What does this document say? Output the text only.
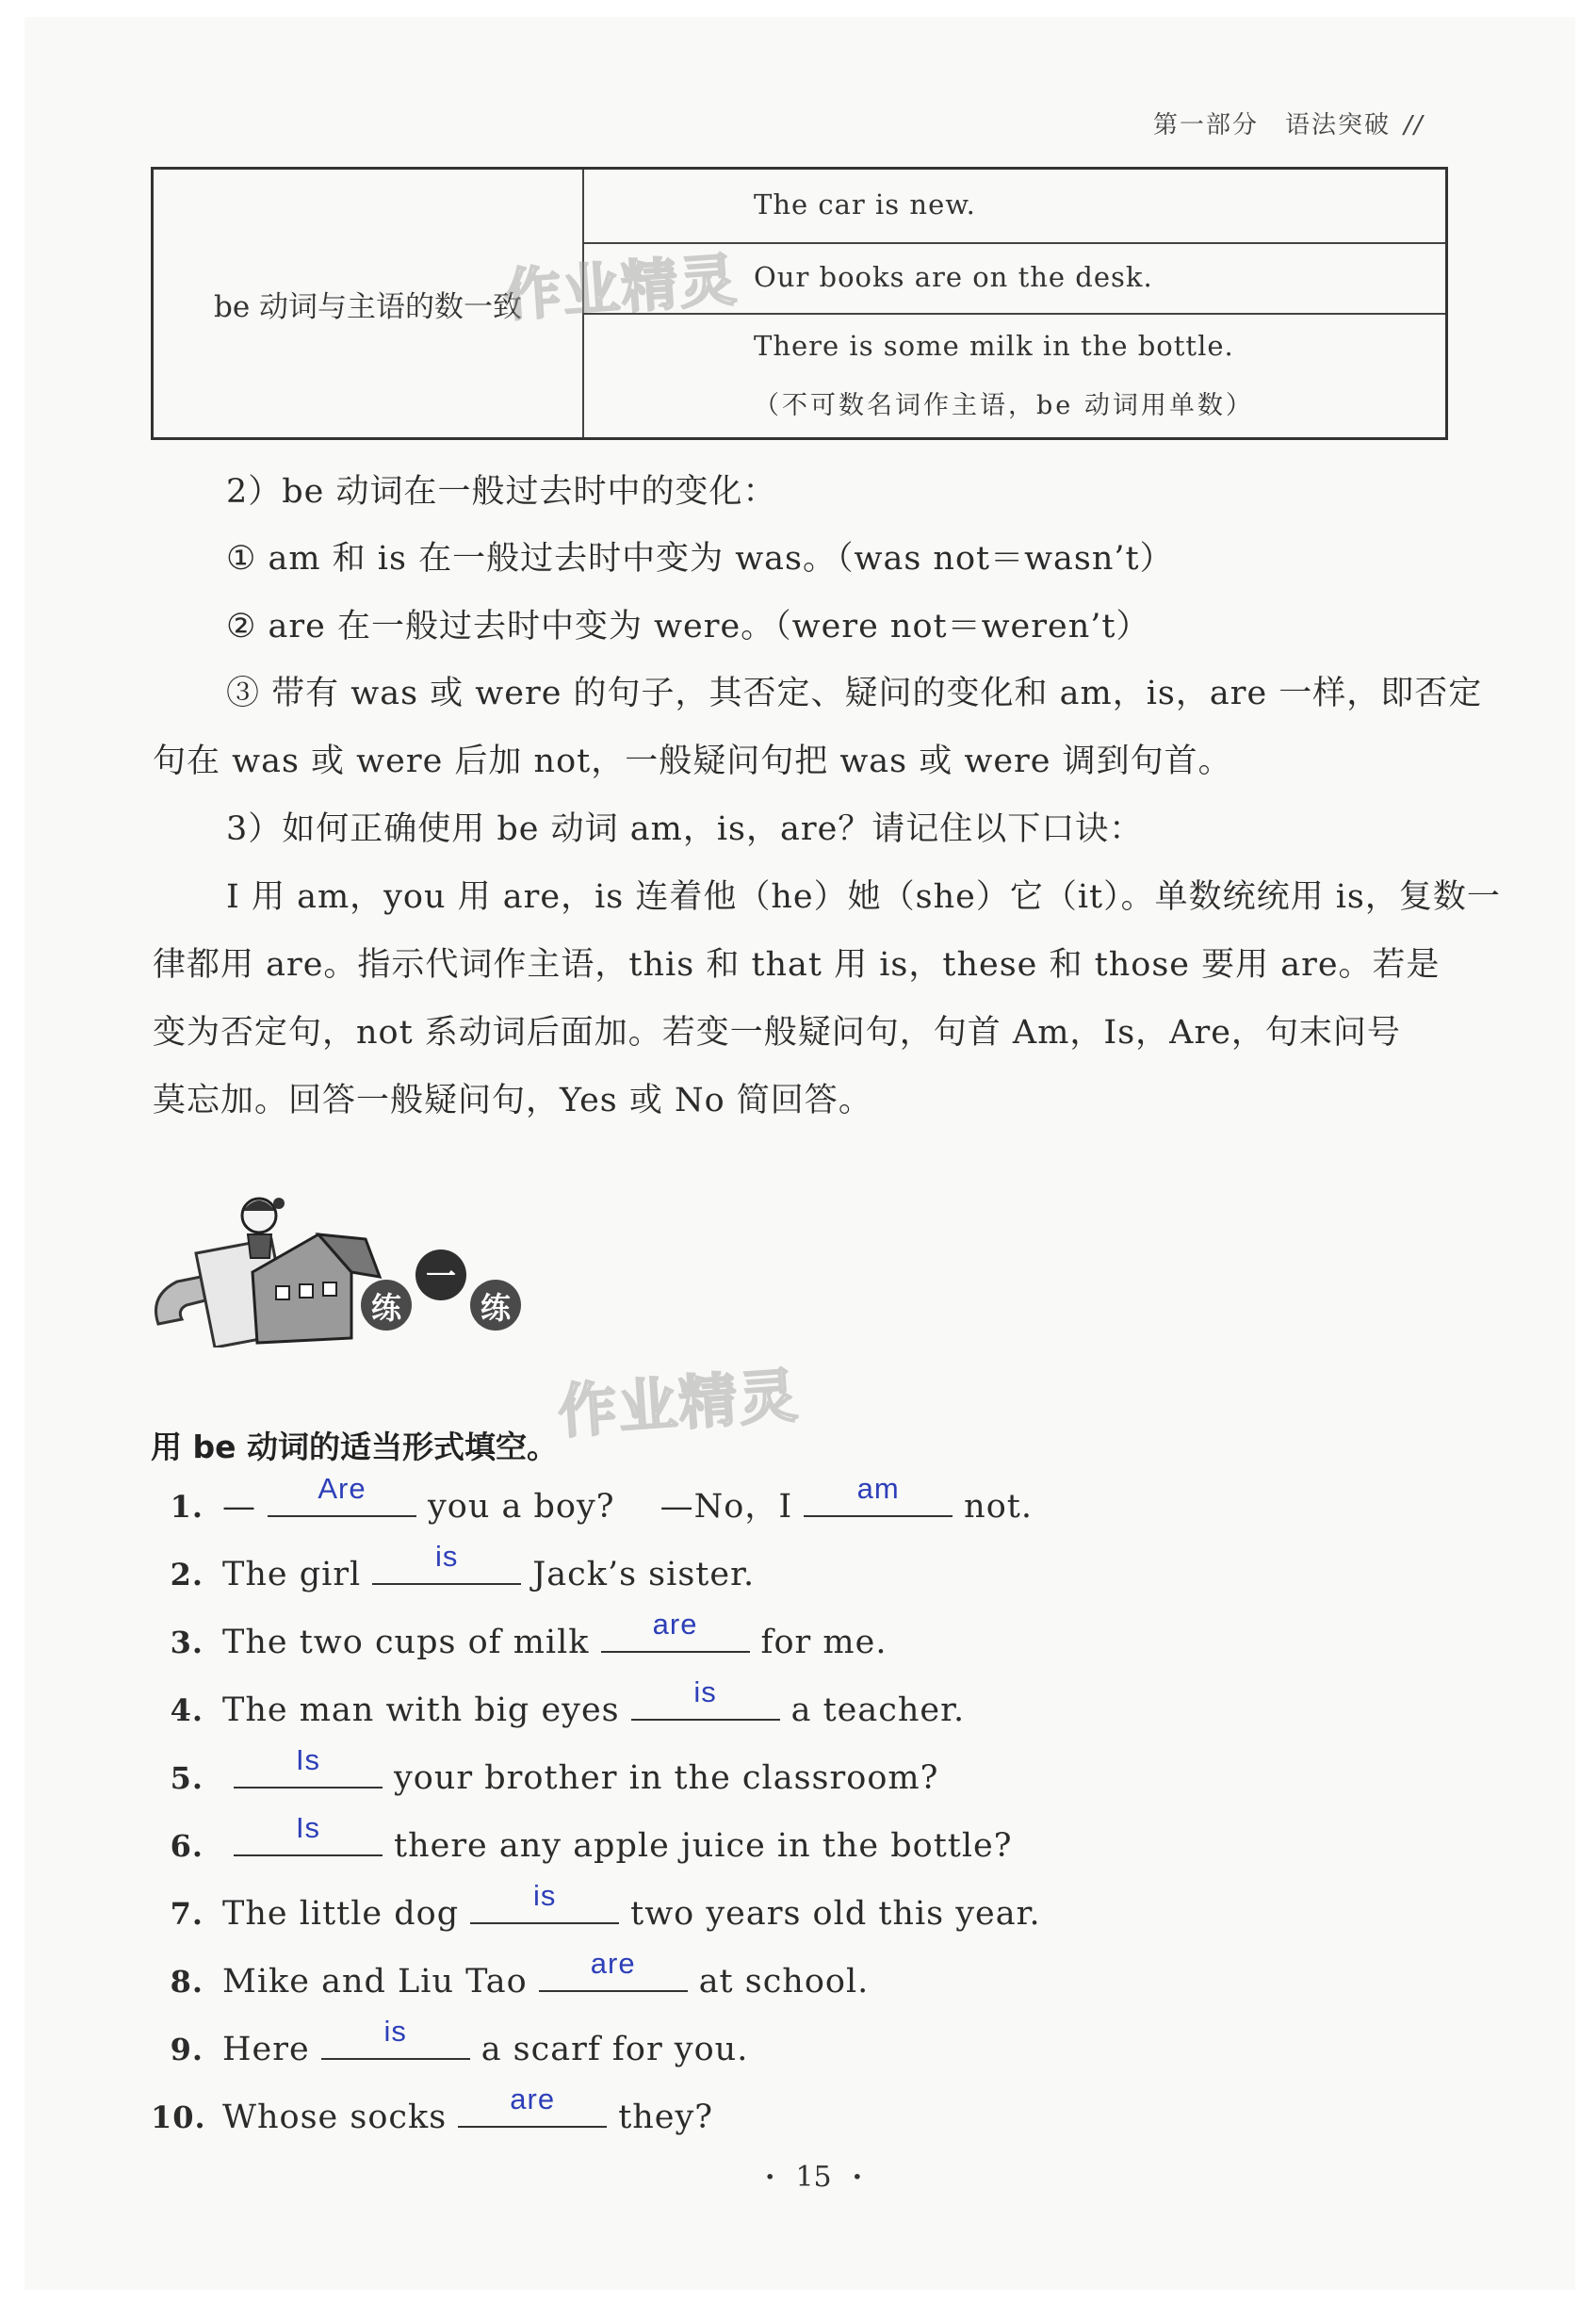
第一部分 语法突破 //
be 动词与主语的数一致
The car is new.
Our books are on the desk.
There is some milk in the bottle.
（不可数名词作主语，be 动词用单数）
作业精灵
2）be 动词在一般过去时中的变化：
① am 和 is 在一般过去时中变为 was。（was not＝wasn’t）
② are 在一般过去时中变为 were。（were not＝weren’t）
③ 带有 was 或 were 的句子，其否定、疑问的变化和 am，is，are 一样，即否定
句在 was 或 were 后加 not，一般疑问句把 was 或 were 调到句首。
3）如何正确使用 be 动词 am，is，are？请记住以下口诀：
I 用 am，you 用 are，is 连着他（he）她（she）它（it）。单数统统用 is，复数一
律都用 are。指示代词作主语，this 和 that 用 is，these 和 those 要用 are。若是
变为否定句，not 系动词后面加。若变一般疑问句，句首 Am，Is，Are，句末问号
莫忘加。回答一般疑问句，Yes 或 No 简回答。
练
一
练
作业精灵
用 be 动词的适当形式填空。
1. —	Are	you a boy?　 —No，I	am	not.
2. The girl	is	Jack’s sister.
3. The two cups of milk	are	for me.
4. The man with big eyes	is	a teacher.
5.
Is	your brother in the classroom?
6.
Is	there any apple juice in the bottle?
7. The little dog	is	two years old this year.
8. Mike and Liu Tao	are	at school.
9. Here	is	a scarf for you.
10. Whose socks	are	they?
· 15 ·
